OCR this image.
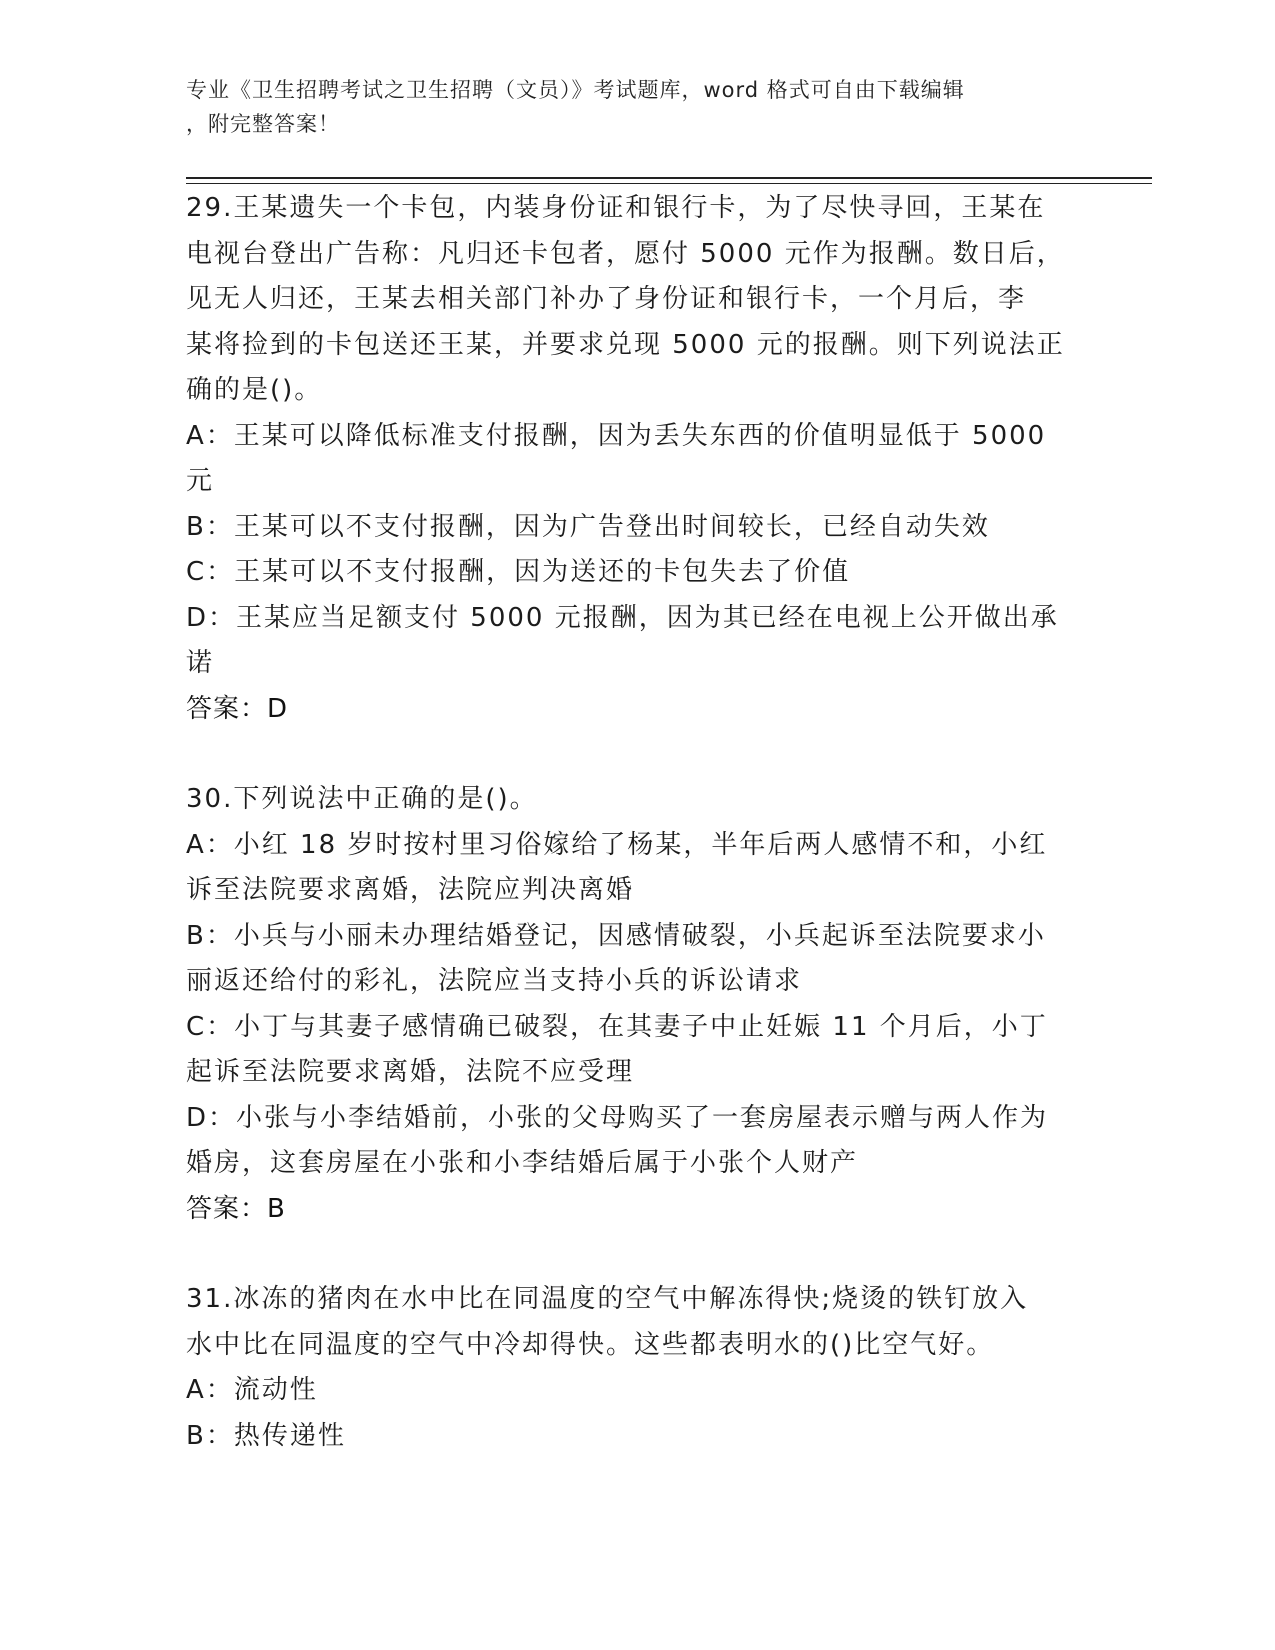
专业《卫生招聘考试之卫生招聘（文员）》考试题库，word 格式可自由下载编辑
，附完整答案！
29.王某遗失一个卡包，内装身份证和银行卡，为了尽快寻回，王某在
电视台登出广告称：凡归还卡包者，愿付 5000 元作为报酬。数日后，
见无人归还，王某去相关部门补办了身份证和银行卡，一个月后，李
某将捡到的卡包送还王某，并要求兑现 5000 元的报酬。则下列说法正
确的是()。
A：王某可以降低标准支付报酬，因为丢失东西的价值明显低于 5000
元
B：王某可以不支付报酬，因为广告登出时间较长，已经自动失效
C：王某可以不支付报酬，因为送还的卡包失去了价值
D：王某应当足额支付 5000 元报酬，因为其已经在电视上公开做出承
诺
答案：D
30.下列说法中正确的是()。
A：小红 18 岁时按村里习俗嫁给了杨某，半年后两人感情不和，小红
诉至法院要求离婚，法院应判决离婚
B：小兵与小丽未办理结婚登记，因感情破裂，小兵起诉至法院要求小
丽返还给付的彩礼，法院应当支持小兵的诉讼请求
C：小丁与其妻子感情确已破裂，在其妻子中止妊娠 11 个月后，小丁
起诉至法院要求离婚，法院不应受理
D：小张与小李结婚前，小张的父母购买了一套房屋表示赠与两人作为
婚房，这套房屋在小张和小李结婚后属于小张个人财产
答案：B
31.冰冻的猪肉在水中比在同温度的空气中解冻得快;烧烫的铁钉放入
水中比在同温度的空气中冷却得快。这些都表明水的()比空气好。
A：流动性
B：热传递性
